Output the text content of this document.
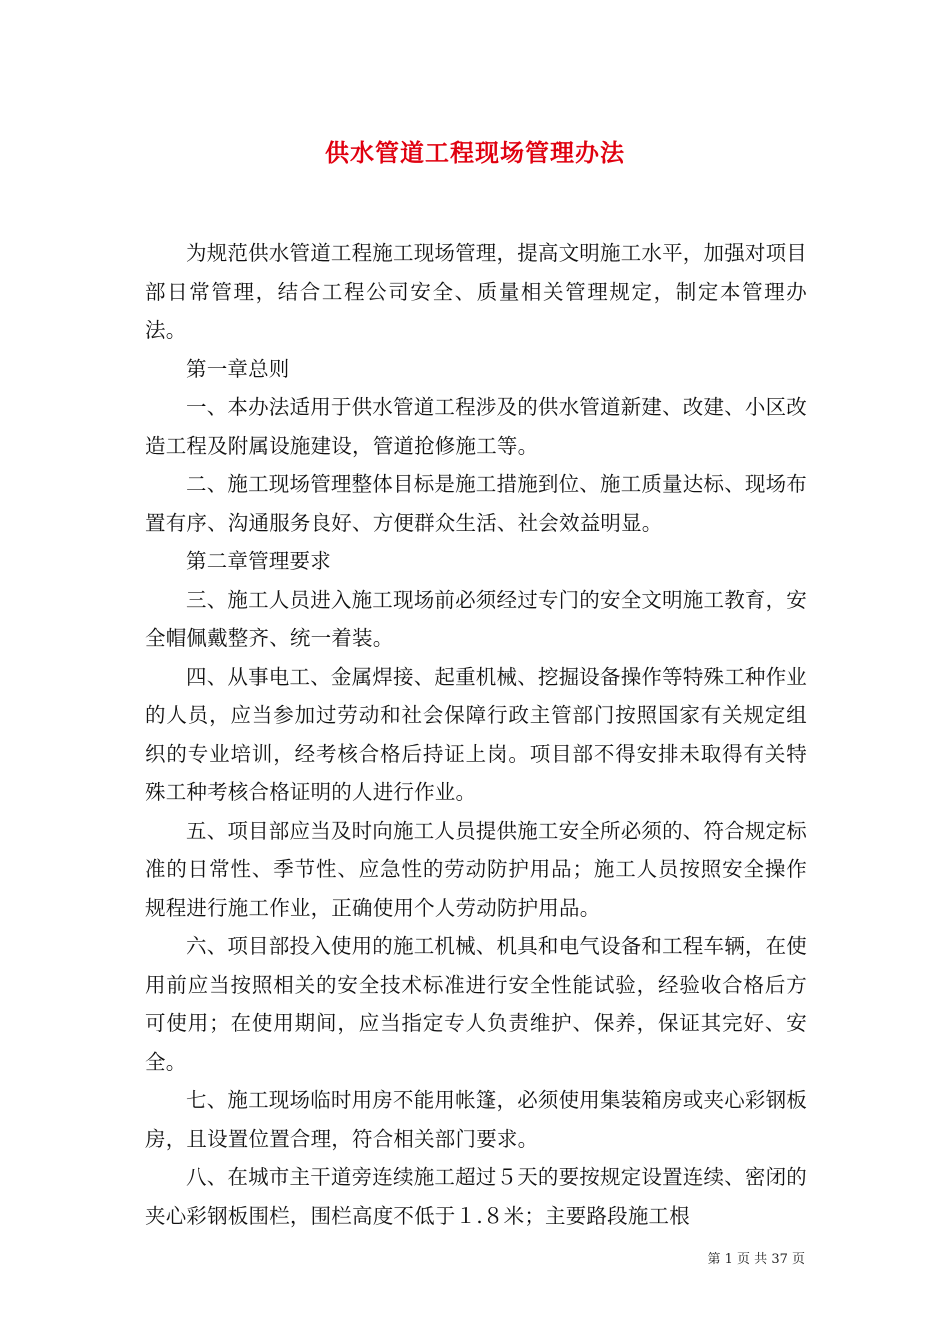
供水管道工程现场管理办法

为规范供水管道工程施工现场管理，提高文明施工水平，加强对项目部日常管理，结合工程公司安全、质量相关管理规定，制定本管理办法。

第一章总则

一、本办法适用于供水管道工程涉及的供水管道新建、改建、小区改造工程及附属设施建设，管道抢修施工等。

二、施工现场管理整体目标是施工措施到位、施工质量达标、现场布置有序、沟通服务良好、方便群众生活、社会效益明显。

第二章管理要求

三、施工人员进入施工现场前必须经过专门的安全文明施工教育，安全帽佩戴整齐、统一着装。

四、从事电工、金属焊接、起重机械、挖掘设备操作等特殊工种作业的人员，应当参加过劳动和社会保障行政主管部门按照国家有关规定组织的专业培训，经考核合格后持证上岗。项目部不得安排未取得有关特殊工种考核合格证明的人进行作业。

五、项目部应当及时向施工人员提供施工安全所必须的、符合规定标准的日常性、季节性、应急性的劳动防护用品；施工人员按照安全操作规程进行施工作业，正确使用个人劳动防护用品。

六、项目部投入使用的施工机械、机具和电气设备和工程车辆，在使用前应当按照相关的安全技术标准进行安全性能试验，经验收合格后方可使用；在使用期间，应当指定专人负责维护、保养，保证其完好、安全。

七、施工现场临时用房不能用帐篷，必须使用集装箱房或夹心彩钢板房，且设置位置合理，符合相关部门要求。

八、在城市主干道旁连续施工超过５天的要按规定设置连续、密闭的夹心彩钢板围栏，围栏高度不低于１.８米；主要路段施工根

第 1 页 共 37 页
